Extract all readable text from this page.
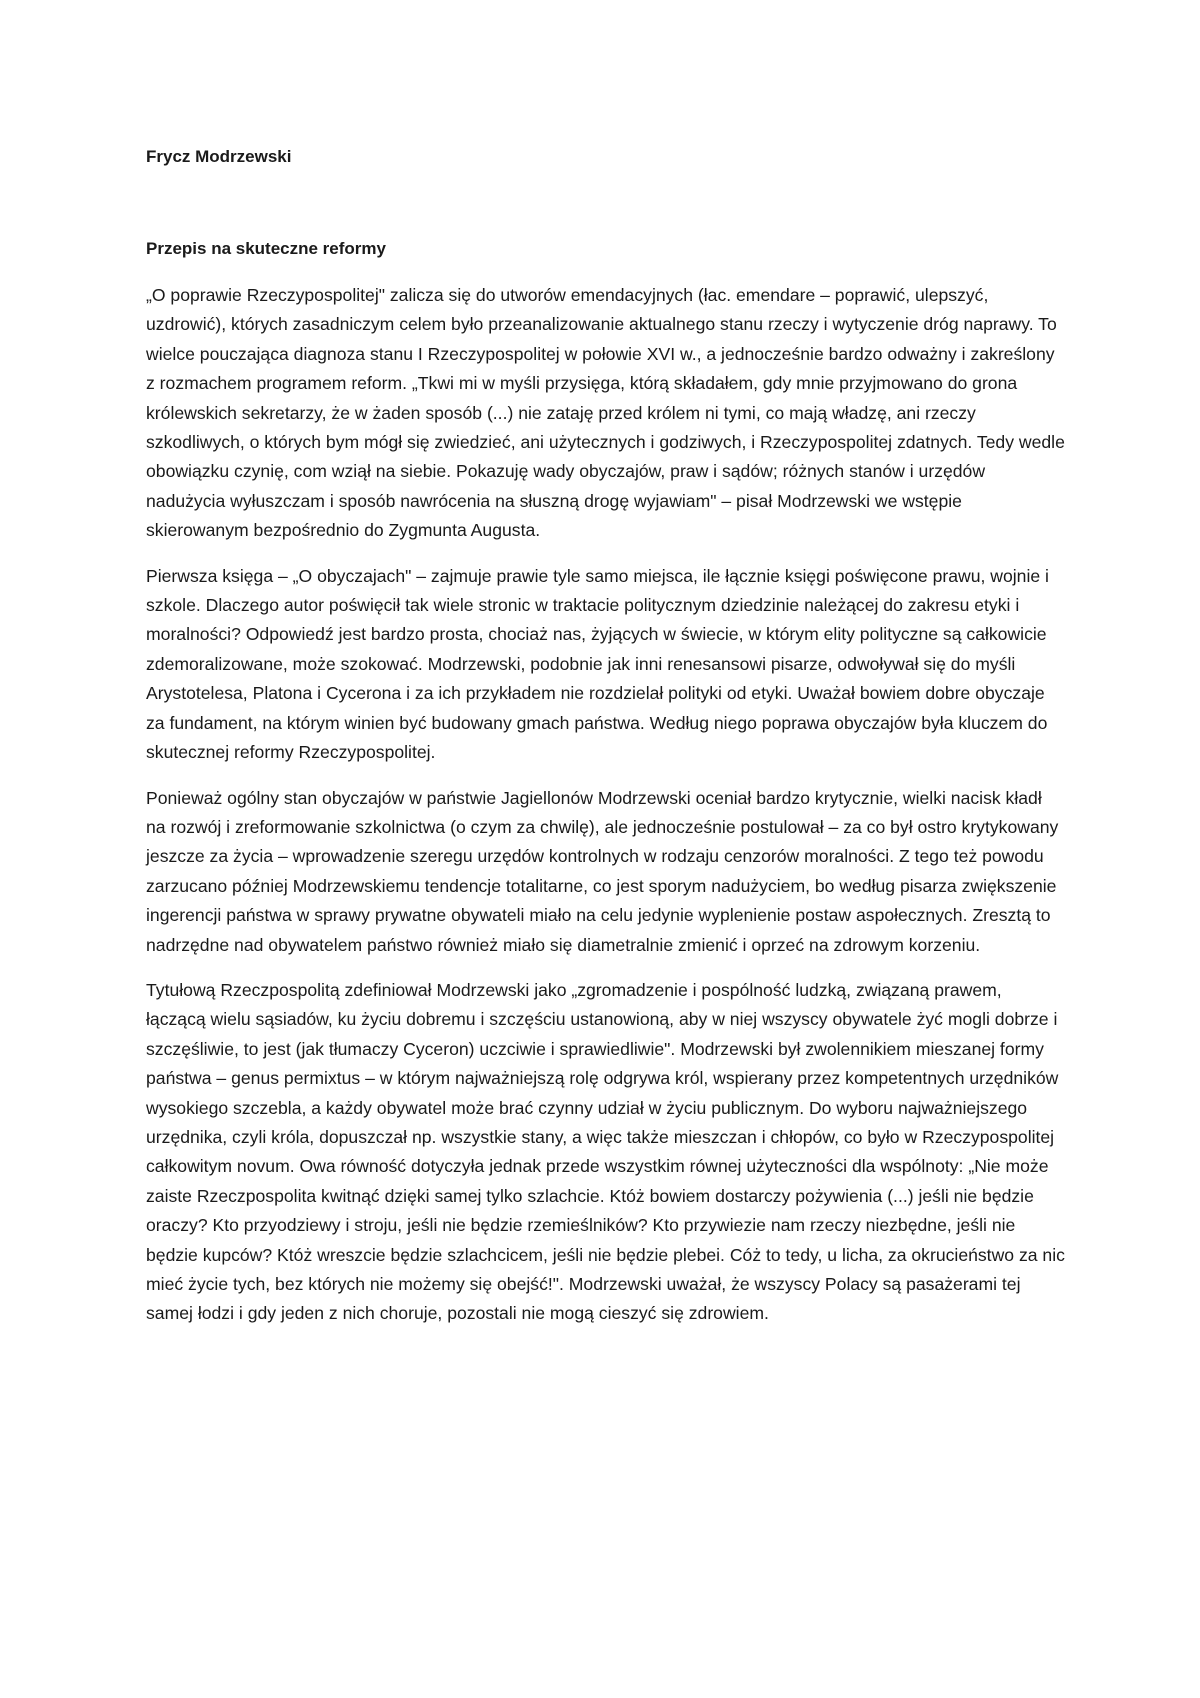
Frycz Modrzewski
Przepis na skuteczne reformy

„O poprawie Rzeczypospolitej" zalicza się do utworów emendacyjnych (łac. emendare – poprawić, ulepszyć, uzdrowić), których zasadniczym celem było przeanalizowanie aktualnego stanu rzeczy i wytyczenie dróg naprawy. To wielce pouczająca diagnoza stanu I Rzeczypospolitej w połowie XVI w., a jednocześnie bardzo odważny i zakreślony z rozmachem programem reform. „Tkwi mi w myśli przysięga, którą składałem, gdy mnie przyjmowano do grona królewskich sekretarzy, że w żaden sposób (...) nie zataję przed królem ni tymi, co mają władzę, ani rzeczy szkodliwych, o których bym mógł się zwiedzieć, ani użytecznych i godziwych, i Rzeczypospolitej zdatnych. Tedy wedle obowiązku czynię, com wziął na siebie. Pokazuję wady obyczajów, praw i sądów; różnych stanów i urzędów nadużycia wyłuszczam i sposób nawrócenia na słuszną drogę wyjawiam" – pisał Modrzewski we wstępie skierowanym bezpośrednio do Zygmunta Augusta.

Pierwsza księga – „O obyczajach" – zajmuje prawie tyle samo miejsca, ile łącznie księgi poświęcone prawu, wojnie i szkole. Dlaczego autor poświęcił tak wiele stronic w traktacie politycznym dziedzinie należącej do zakresu etyki i moralności? Odpowiedź jest bardzo prosta, chociaż nas, żyjących w świecie, w którym elity polityczne są całkowicie zdemoralizowane, może szokować. Modrzewski, podobnie jak inni renesansowi pisarze, odwoływał się do myśli Arystotelesa, Platona i Cycerona i za ich przykładem nie rozdzielał polityki od etyki. Uważał bowiem dobre obyczaje za fundament, na którym winien być budowany gmach państwa. Według niego poprawa obyczajów była kluczem do skutecznej reformy Rzeczypospolitej.

Ponieważ ogólny stan obyczajów w państwie Jagiellonów Modrzewski oceniał bardzo krytycznie, wielki nacisk kładł na rozwój i zreformowanie szkolnictwa (o czym za chwilę), ale jednocześnie postulował – za co był ostro krytykowany jeszcze za życia – wprowadzenie szeregu urzędów kontrolnych w rodzaju cenzorów moralności. Z tego też powodu zarzucano później Modrzewskiemu tendencje totalitarne, co jest sporym nadużyciem, bo według pisarza zwiększenie ingerencji państwa w sprawy prywatne obywateli miało na celu jedynie wyplenienie postaw aspołecznych. Zresztą to nadrzędne nad obywatelem państwo również miało się diametralnie zmienić i oprzeć na zdrowym korzeniu.

Tytułową Rzeczpospolitą zdefiniował Modrzewski jako „zgromadzenie i pospólność ludzką, związaną prawem, łączącą wielu sąsiadów, ku życiu dobremu i szczęściu ustanowioną, aby w niej wszyscy obywatele żyć mogli dobrze i szczęśliwie, to jest (jak tłumaczy Cyceron) uczciwie i sprawiedliwie". Modrzewski był zwolennikiem mieszanej formy państwa – genus permixtus – w którym najważniejszą rolę odgrywa król, wspierany przez kompetentnych urzędników wysokiego szczebla, a każdy obywatel może brać czynny udział w życiu publicznym. Do wyboru najważniejszego urzędnika, czyli króla, dopuszczał np. wszystkie stany, a więc także mieszczan i chłopów, co było w Rzeczypospolitej całkowitym novum. Owa równość dotyczyła jednak przede wszystkim równej użyteczności dla wspólnoty: „Nie może zaiste Rzeczpospolita kwitnąć dzięki samej tylko szlachcie. Któż bowiem dostarczy pożywienia (...) jeśli nie będzie oraczy? Kto przyodziewy i stroju, jeśli nie będzie rzemieślników? Kto przywiezie nam rzeczy niezbędne, jeśli nie będzie kupców? Któż wreszcie będzie szlachcicem, jeśli nie będzie plebei. Cóż to tedy, u licha, za okrucieństwo za nic mieć życie tych, bez których nie możemy się obejść!". Modrzewski uważał, że wszyscy Polacy są pasażerami tej samej łodzi i gdy jeden z nich choruje, pozostali nie mogą cieszyć się zdrowiem.
